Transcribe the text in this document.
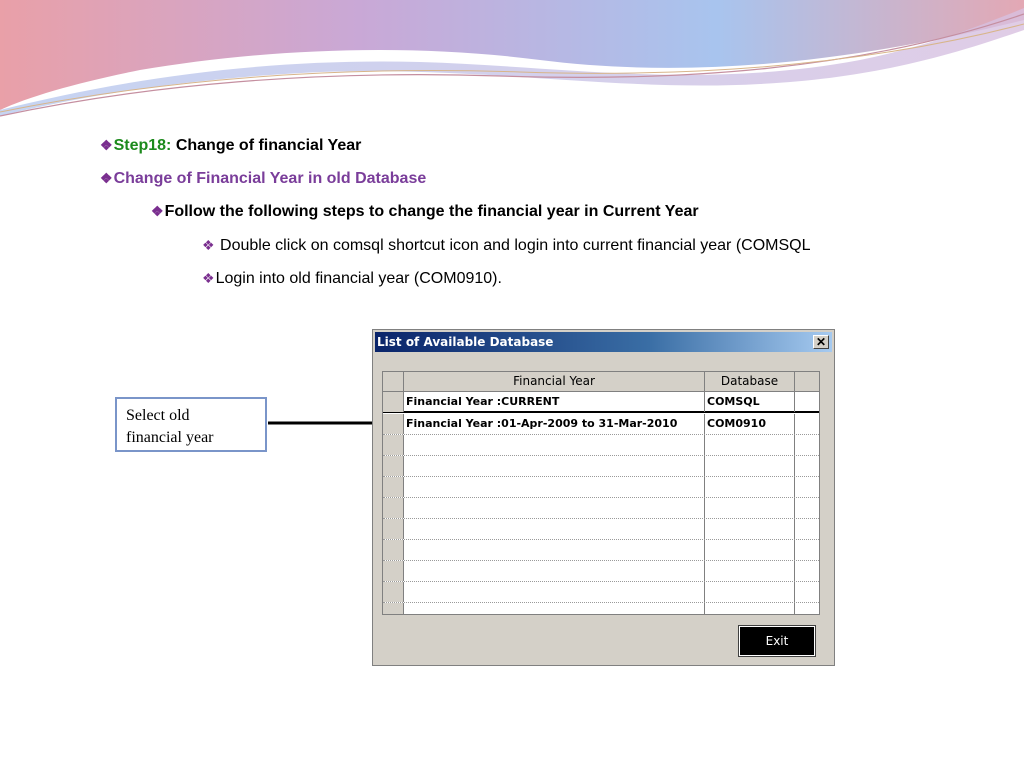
❖Step18: Change of financial Year
❖Change of Financial Year in old Database
❖Follow the following steps to change the financial year in Current Year
❖ Double click on comsql shortcut icon and login into current financial year (COMSQL
❖Login into old financial year (COM0910).
Select old
financial year
List of Available Database	✕
Financial Year	Database
Financial Year :CURRENT	COMSQL
Financial Year :01-Apr-2009 to 31-Mar-2010	COM0910
Exit
